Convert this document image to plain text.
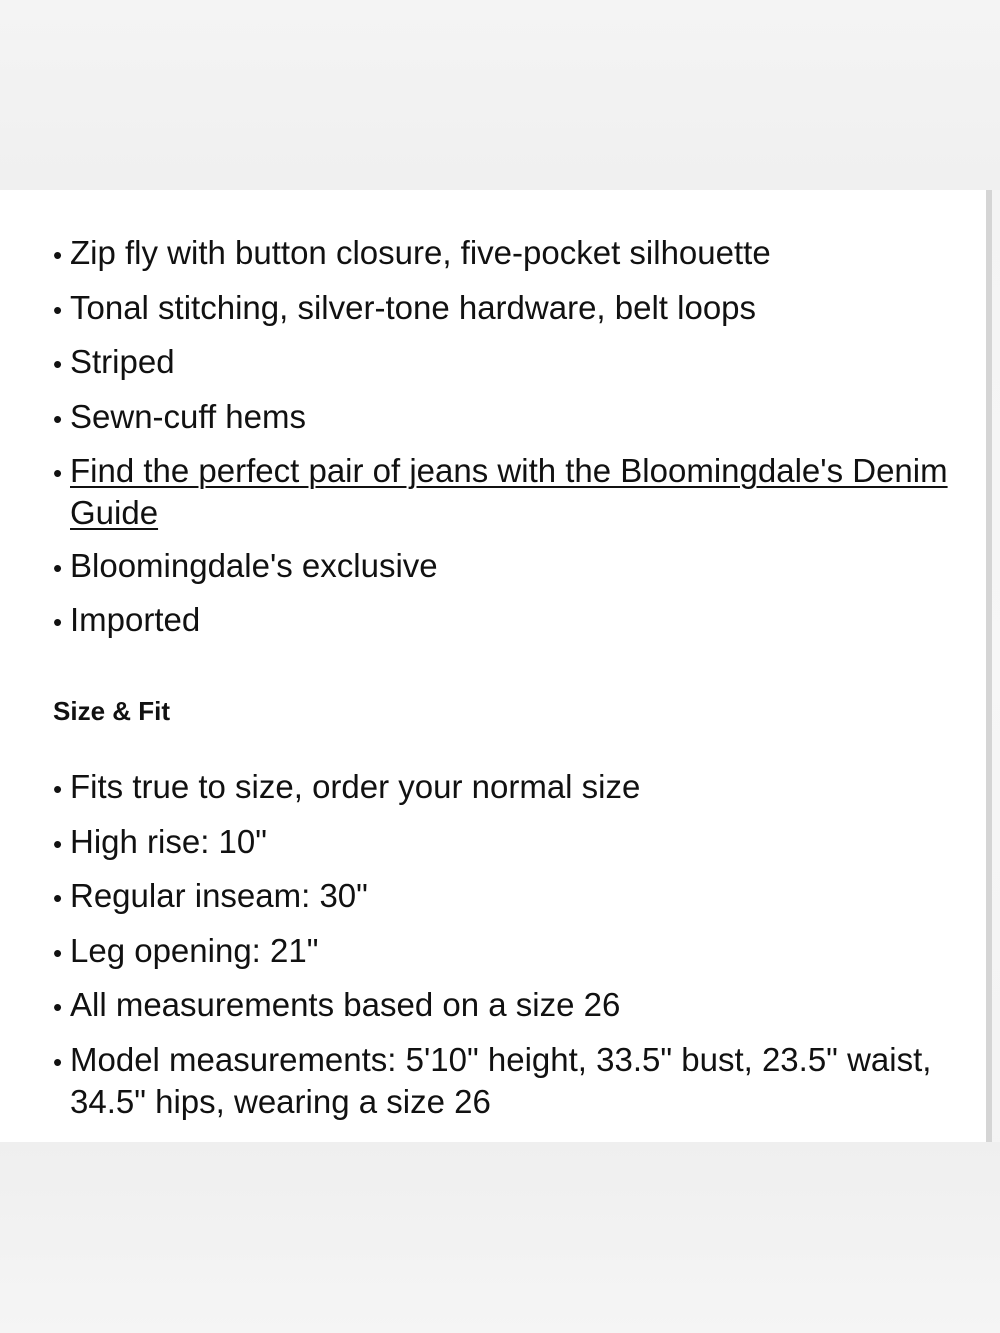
• Zip fly with button closure, five-pocket silhouette
• Tonal stitching, silver-tone hardware, belt loops
• Striped
• Sewn-cuff hems
• Find the perfect pair of jeans with the Bloomingdale's Denim Guide
• Bloomingdale's exclusive
• Imported
Size & Fit
• Fits true to size, order your normal size
• High rise: 10"
• Regular inseam: 30"
• Leg opening: 21"
• All measurements based on a size 26
• Model measurements: 5'10" height, 33.5" bust, 23.5" waist, 34.5" hips, wearing a size 26
